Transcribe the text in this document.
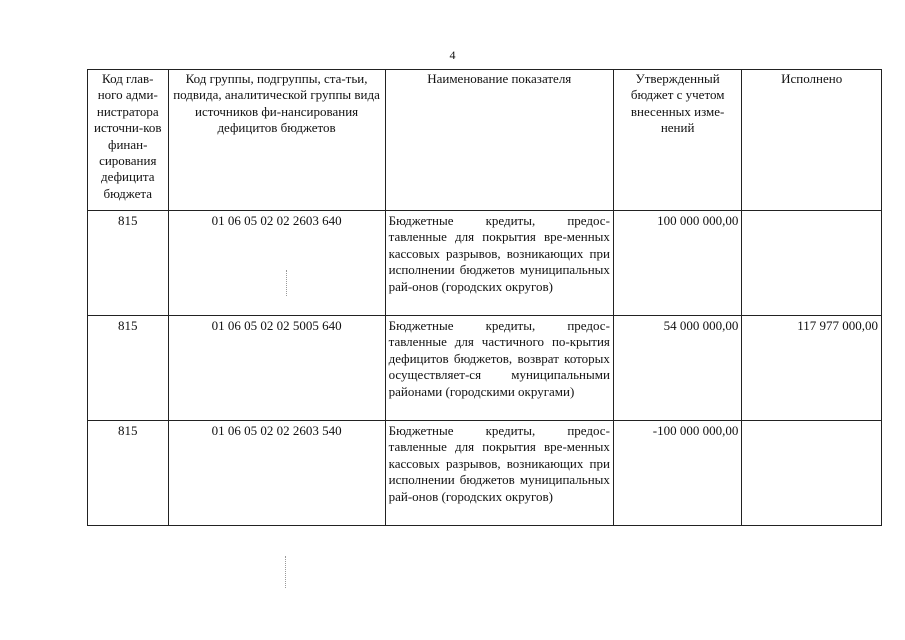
4
Код глав-ного адми-нистратора источни-ков финан-сирования дефицита бюджета	Код группы, подгруппы, ста-тьи, подвида, аналитической группы вида источников фи-нансирования дефицитов бюджетов	Наименование показателя	Утвержденный бюджет с учетом внесенных изме-нений	Исполнено
815	01 06 05 02 02 2603 640	Бюджетные кредиты, предос-тавленные для покрытия вре-менных кассовых разрывов, возникающих при исполнении бюджетов муниципальных рай-онов (городских округов)	100 000 000,00	
815	01 06 05 02 02 5005 640	Бюджетные кредиты, предос-тавленные для частичного по-крытия дефицитов бюджетов, возврат которых осуществляет-ся муниципальными районами (городскими округами)	54 000 000,00	117 977 000,00
815	01 06 05 02 02 2603 540	Бюджетные кредиты, предос-тавленные для покрытия вре-менных кассовых разрывов, возникающих при исполнении бюджетов муниципальных рай-онов (городских округов)	-100 000 000,00	
